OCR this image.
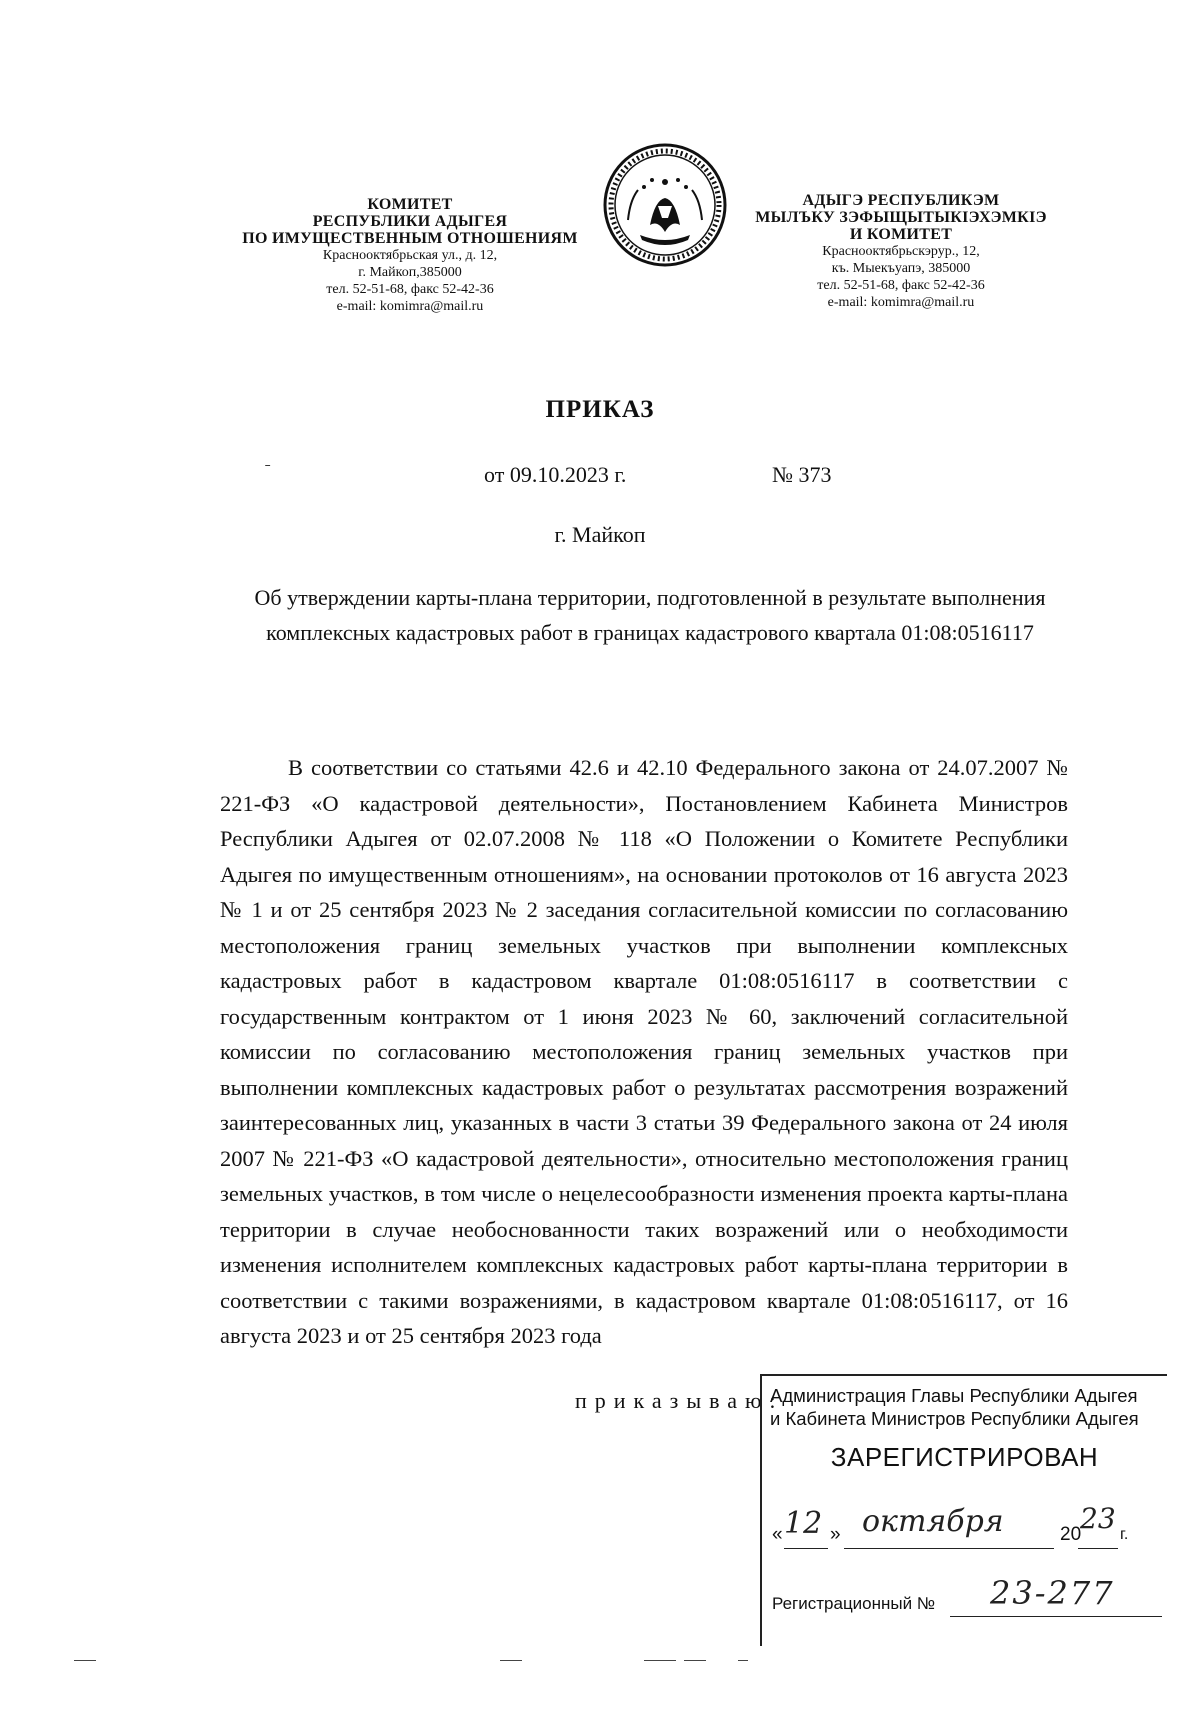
КОМИТЕТ
РЕСПУБЛИКИ АДЫГЕЯ
ПО ИМУЩЕСТВЕННЫМ ОТНОШЕНИЯМ
Краснооктябрьская ул., д. 12,
г. Майкоп,385000
тел. 52-51-68, факс 52-42-36
e-mail: komimra@mail.ru
АДЫГЭ РЕСПУБЛИКЭМ
МЫЛЪКУ ЗЭФЫЩЫТЫКIЭХЭМКIЭ
И КОМИТЕТ
Краснооктябрьскэрур., 12,
къ. Мыекъуапэ, 385000
тел. 52-51-68, факс 52-42-36
e-mail: komimra@mail.ru
ПРИКАЗ
ˉ	от 09.10.2023 г.	№ 373
г. Майкоп
Об утверждении карты-плана территории, подготовленной в результате выполнения комплексных кадастровых работ в границах кадастрового квартала 01:08:0516117
В соответствии со статьями 42.6 и 42.10 Федерального закона от 24.07.2007 № 221-ФЗ «О кадастровой деятельности», Постановлением Кабинета Министров Республики Адыгея от 02.07.2008 № 118 «О Положении о Комитете Республики Адыгея по имущественным отношениям», на основании протоколов от 16 августа 2023 № 1 и от 25 сентября 2023 № 2 заседания согласительной комиссии по согласованию местоположения границ земельных участков при выполнении комплексных кадастровых работ в кадастровом квартале 01:08:0516117 в соответствии с государственным контрактом от 1 июня 2023 № 60, заключений согласительной комиссии по согласованию местоположения границ земельных участков при выполнении комплексных кадастровых работ о результатах рассмотрения возражений заинтересованных лиц, указанных в части 3 статьи 39 Федерального закона от 24 июля 2007 № 221-ФЗ «О кадастровой деятельности», относительно местоположения границ земельных участков, в том числе о нецелесообразности изменения проекта карты-плана территории в случае необоснованности таких возражений или о необходимости изменения исполнителем комплексных кадастровых работ карты-плана территории в соответствии с такими возражениями, в кадастровом квартале 01:08:0516117, от 16 августа 2023 и от 25 сентября 2023 года
приказываю:
Администрация Главы Республики Адыгея
и Кабинета Министров Республики Адыгея
ЗАРЕГИСТРИРОВАН
« 12 » октября	20
23 г.
Регистрационный № 23-277
